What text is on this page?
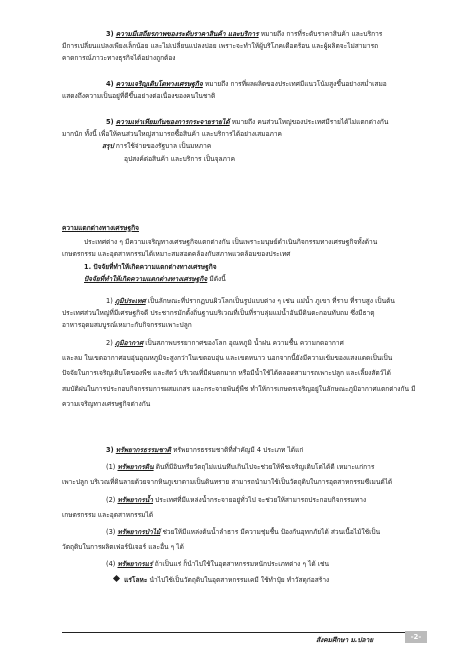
3) ความมีเสถียรภาพของระดับราคาสินค้า และบริการ หมายถึง การที่ระดับราคาสินค้า และบริการ

มีการเปลี่ยนแปลงเพียงเล็กน้อย และไม่เปลี่ยนแปลงบ่อย เพราะจะทำให้ผู้บริโภคเดือดร้อน และผู้ผลิตจะไม่สามารถ

คาดการณ์ภาวะทางธุรกิจได้อย่างถูกต้อง

4) ความเจริญเติบโตทางเศรษฐกิจ หมายถึง การที่ผลผลิตของประเทศมีแนวโน้มสูงขึ้นอย่างสม่ำเสมอ

แสดงถึงความเป็นอยู่ที่ดีขึ้นอย่างต่อเนื่องของคนในชาติ

5) ความเท่าเทียมกันของการกระจายรายได้ หมายถึง คนส่วนใหญ่ของประเทศมีรายได้ไม่แตกต่างกัน

มากนัก ทั้งนี้ เพื่อให้คนส่วนใหญ่สามารถซื้อสินค้า และบริการได้อย่างเสมอภาค

สรุป การใช้จ่ายของรัฐบาล เป็นมหภาค

อุปสงค์ต่อสินค้า และบริการ เป็นจุลภาค

ความแตกต่างทางเศรษฐกิจ

ประเทศต่าง ๆ มีความเจริญทางเศรษฐกิจแตกต่างกัน เป็นเพราะมนุษย์ดำเนินกิจกรรมทางเศรษฐกิจทั้งด้าน

เกษตรกรรม และอุตสาหกรรมได้เหมาะสมสอดคล้องกับสภาพแวดล้อมของประเทศ

1. ปัจจัยที่ทำให้เกิดความแตกต่างทางเศรษฐกิจ

ปัจจัยที่ทำให้เกิดความแตกต่างทางเศรษฐกิจ มีดังนี้

1) ภูมิประเทศ เป็นลักษณะที่ปรากฏบนผิวโลกเป็นรูปแบบต่าง ๆ เช่น แม่น้ำ ภูเขา ที่ราบ ที่ราบสูง เป็นต้น

ประเทศส่วนใหญ่ที่มีเศรษฐกิจดี ประชากรมักตั้งถิ่นฐานบริเวณที่เป็นที่ราบลุ่มแม่น้ำอันมีดินตะกอนทับถม ซึ่งมีธาตุ

อาหารอุดมสมบูรณ์เหมาะกับกิจกรรมเพาะปลูก

2) ภูมิอากาศ เป็นสภาพบรรยากาศของโลก อุณหภูมิ น้ำฝน ความชื้น ความกดอากาศ

และลม ในเขตอากาศอบอุ่นอุณหภูมิจะสูงกว่าในเขตอบอุ่น และเขตหนาว นอกจากนี้ยังมีความเข้มของแสงแดดเป็นเป็น

ปัจจัยในการเจริญเติบโตของพืช และสัตว์ บริเวณที่มีฝนตกมาก หรือมีน้ำใช้ได้ตลอดสามารถเพาะปลูก และเลี้ยงสัตว์ได้

สมบัติฝนในการประกอบกิจกรรมการผสมเกสร และกระจายพันธุ์พืช ทำให้การเกษตรเจริญอยู่ในลักษณะภูมิอากาศแตกต่างกัน มี

ความเจริญทางเศรษฐกิจต่างกัน

3) ทรัพยากรธรรมชาติ ทรัพยากรธรรมชาติที่สำคัญมี 4 ประเภท ได้แก่

(1) ทรัพยากรดิน ดินที่มีอินทรียวัตถุไม่แน่นทึบเกินไปจะช่วยให้พืชเจริญเติบโตได้ดี เหมาะแก่การ

เพาะปลูก บริเวณที่ดินลายด้วยจากหินภูเขาตามเป็นดินทราย สามารถนำมาใช้เป็นวัตถุดิบในการอุตสาหกรรมซีเมนต์ได้

(2) ทรัพยากรน้ำ ประเทศที่มีแหล่งน้ำกระจายอยู่ทั่วไป จะช่วยให้สามารถประกอบกิจกรรมทาง

เกษตรกรรม และอุตสาหกรรมได้

(3) ทรัพยากรป่าไม้ ช่วยให้มีแหล่งต้นน้ำลำธาร มีความชุ่มชื้น ป้องกันอุทกภัยได้ ส่วนเนื้อไม้ใช้เป็น

วัตถุดิบในการผลิตเฟอร์นิเจอร์ และอื่น ๆ ได้

(4) ทรัพยากรแร่ ถ้าเป็นแร่ ก็นำไปใช้ในอุตสาหกรรมหนักประเภทต่าง ๆ ได้ เช่น

แร่โลหะ นำไปใช้เป็นวัตถุดิบในอุตสาหกรรมเคมี ใช้ทำปุ๋ย ทำวัสดุก่อสร้าง

สังคมศึกษา ม.ปลาย	-2-
